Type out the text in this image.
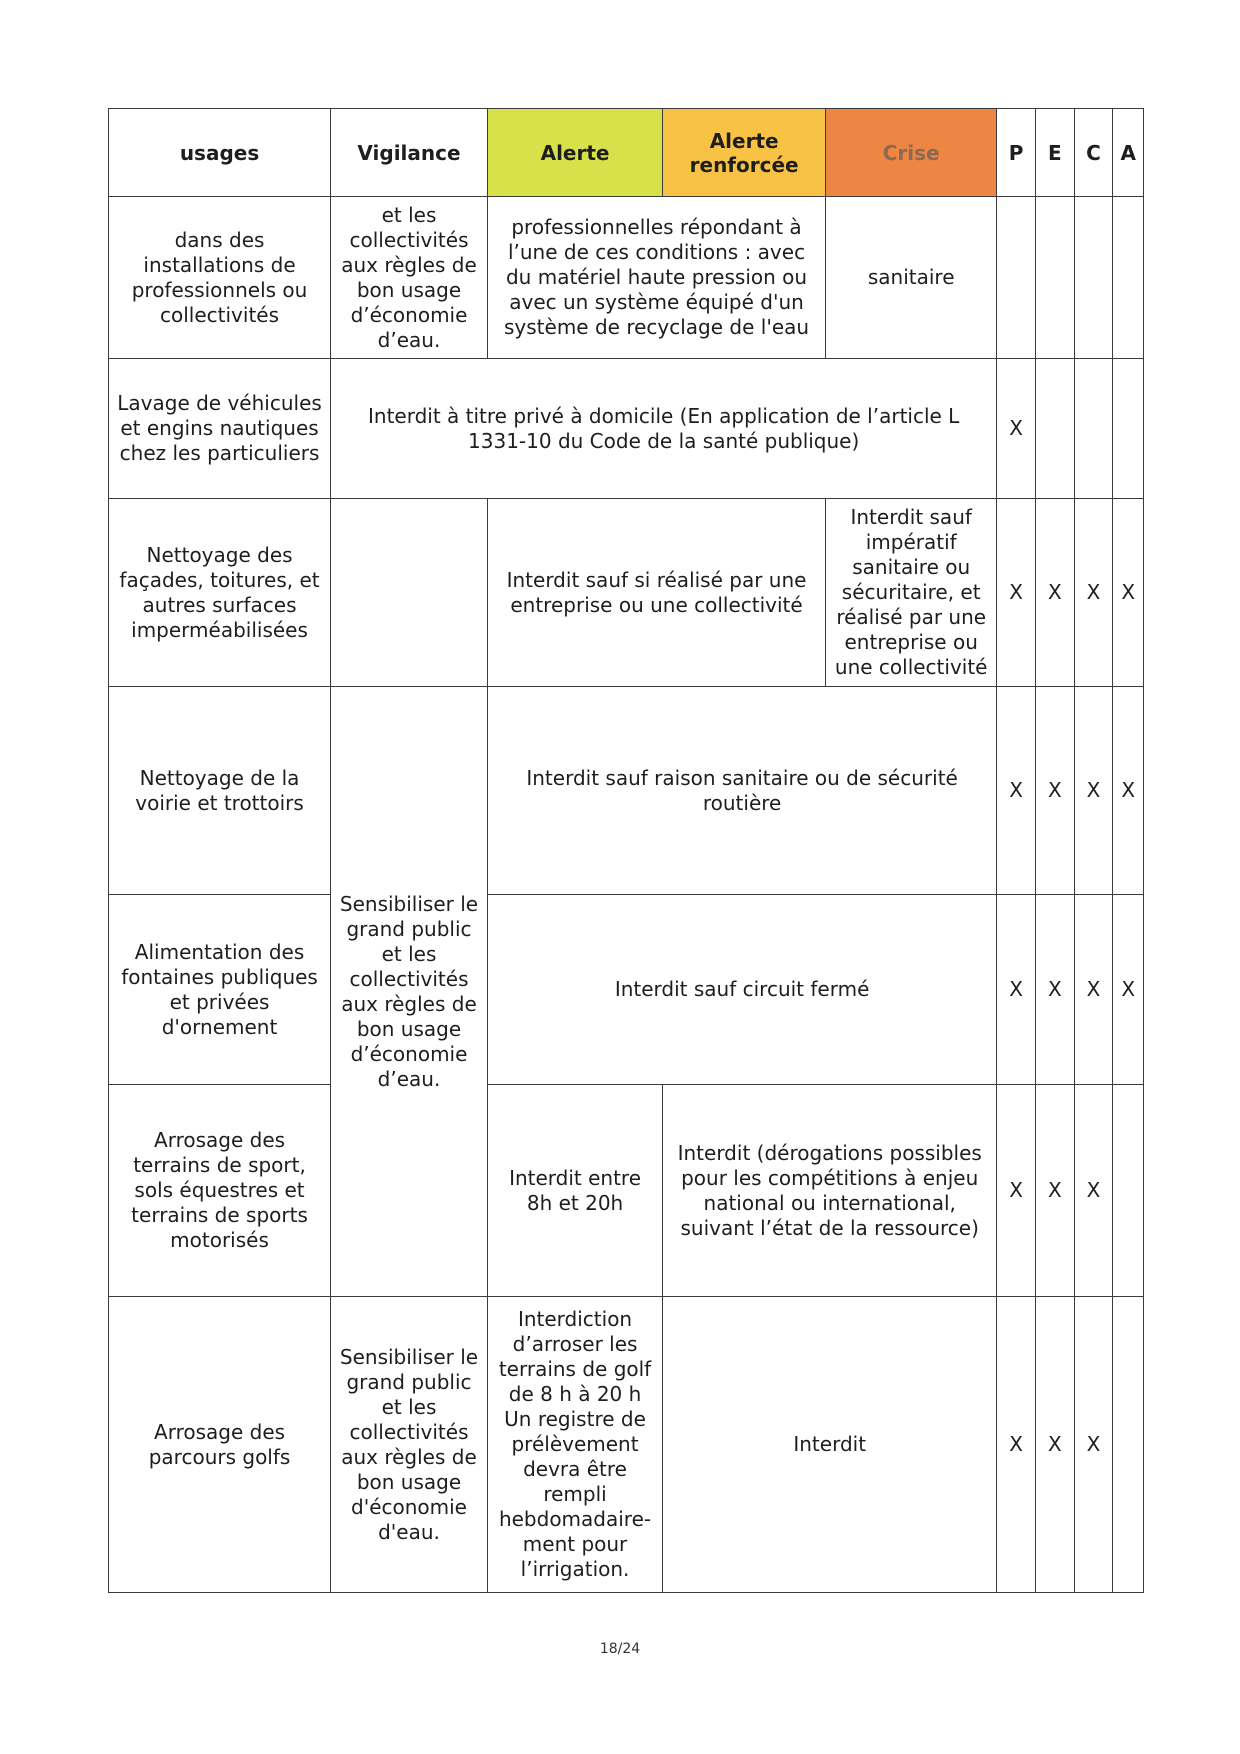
usages	Vigilance	Alerte	Alerte renforcée	Crise	P	E	C	A
dans des installations de professionnels ou collectivités	et les collectivités aux règles de bon usage d’économie d’eau.	professionnelles répondant à l’une de ces conditions : avec du matériel haute pression ou avec un système équipé d'un système de recyclage de l'eau		sanitaire				
Lavage de véhicules et engins nautiques chez les particuliers	Interdit à titre privé à domicile (En application de l’article L 1331-10 du Code de la santé publique)				X			
Nettoyage des façades, toitures, et autres surfaces imperméabilisées		Interdit sauf si réalisé par une entreprise ou une collectivité		Interdit sauf impératif sanitaire ou sécuritaire, et réalisé par une entreprise ou une collectivité	X	X	X	X
Nettoyage de la voirie et trottoirs	Sensibiliser le grand public et les collectivités aux règles de bon usage d’économie d’eau.	Interdit sauf raison sanitaire ou de sécurité routière			X	X	X	X
Alimentation des fontaines publiques et privées d'ornement		Interdit sauf circuit fermé			X	X	X	X
Arrosage des terrains de sport, sols équestres et terrains de sports motorisés		Interdit entre 8h et 20h	Interdit (dérogations possibles pour les compétitions à enjeu national ou international, suivant l’état de la ressource)		X	X	X	
Arrosage des parcours golfs	Sensibiliser le grand public et les collectivités aux règles de bon usage d'économie d'eau.	Interdiction d’arroser les terrains de golf de 8 h à 20 h Un registre de prélèvement devra être rempli hebdomadaire-ment pour l’irrigation.	Interdit		X	X	X	
18/24
